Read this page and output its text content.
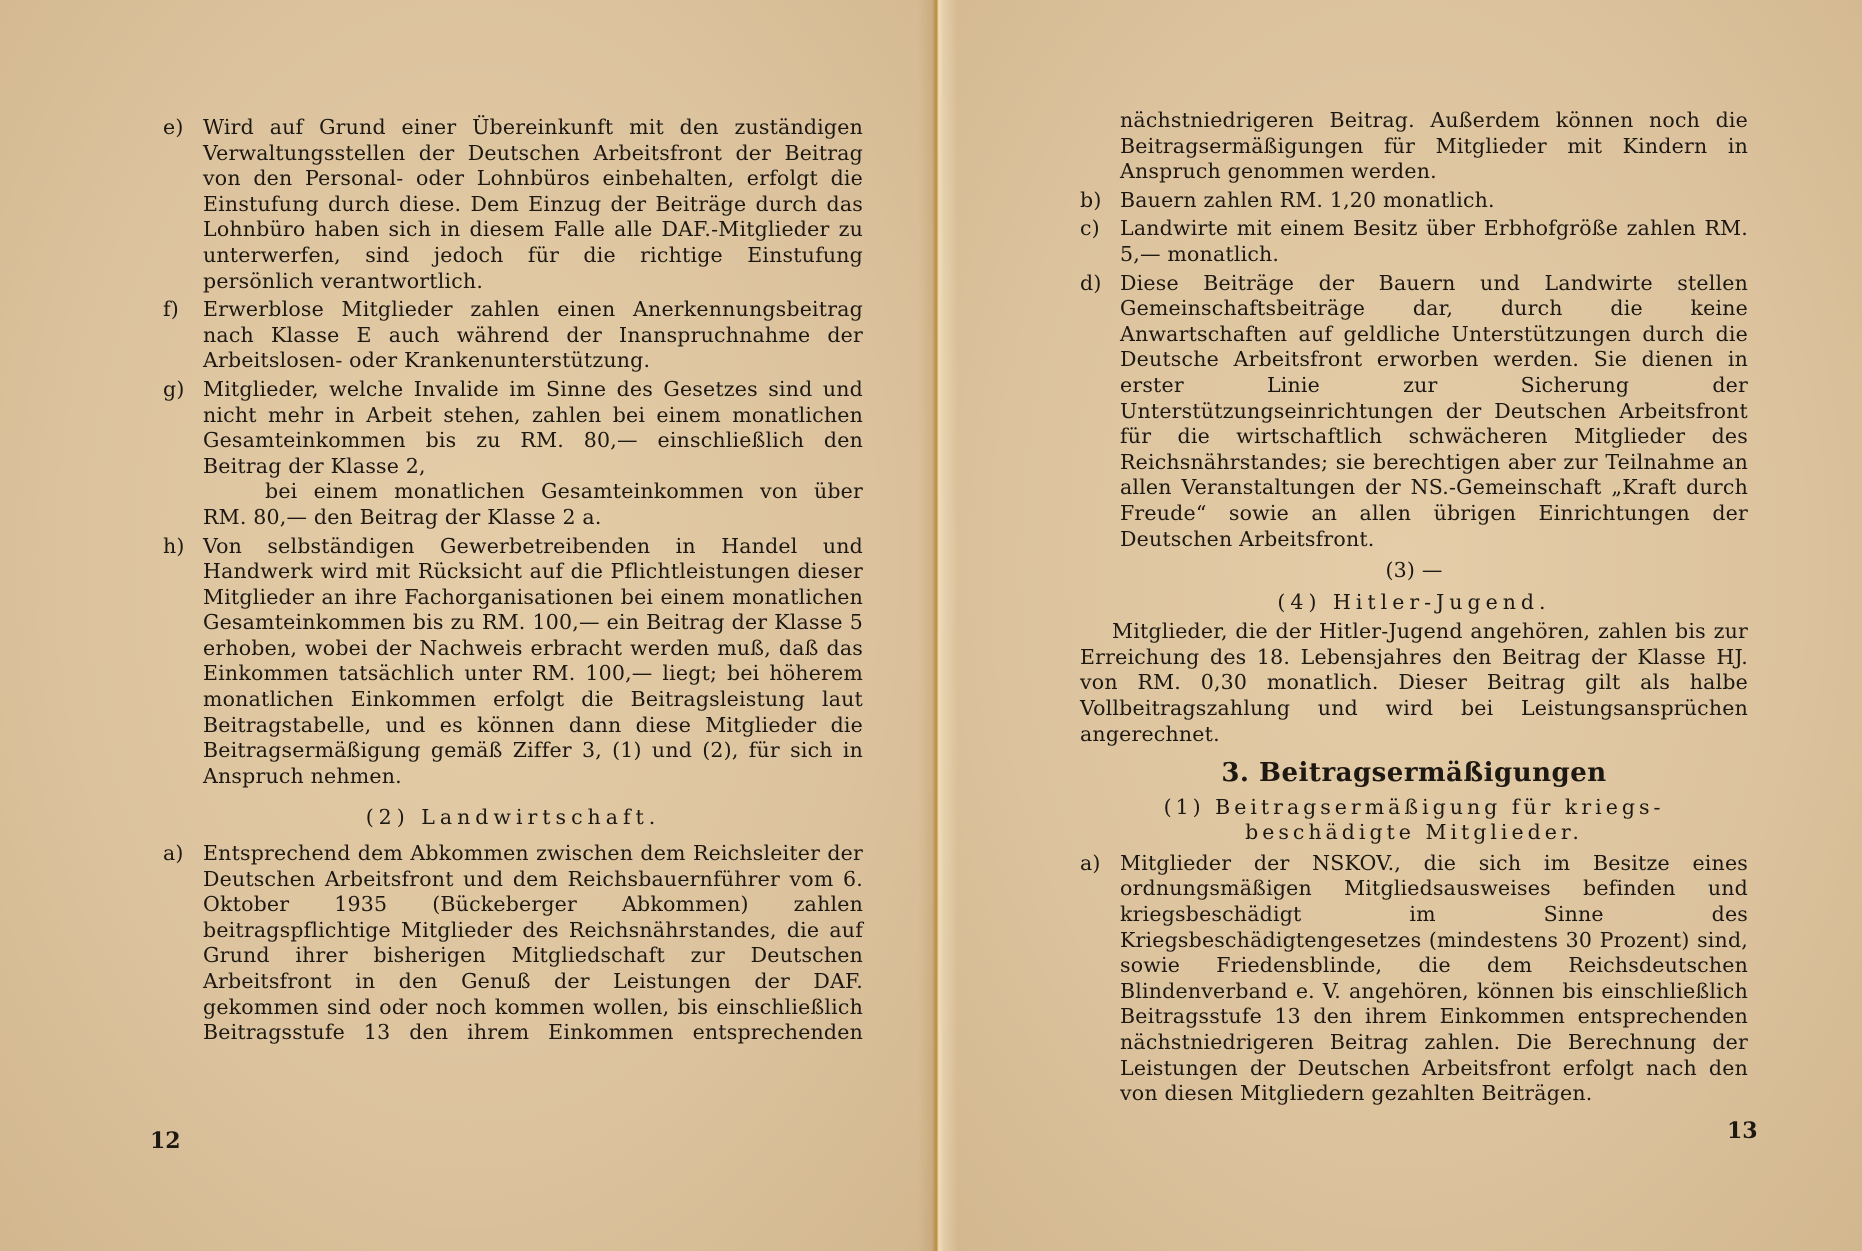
e) Wird auf Grund einer Übereinkunft mit den zuständigen Verwaltungsstellen der Deutschen Arbeitsfront der Beitrag von den Personal- oder Lohnbüros einbehalten, erfolgt die Einstufung durch diese. Dem Einzug der Beiträge durch das Lohnbüro haben sich in diesem Falle alle DAF.-Mitglieder zu unterwerfen, sind jedoch für die richtige Einstufung persönlich verantwortlich.
f)	Erwerblose Mitglieder zahlen einen Anerkennungsbeitrag nach Klasse E auch während der Inanspruchnahme der Arbeitslosen- oder Krankenunterstützung.
g) Mitglieder, welche Invalide im Sinne des Gesetzes sind und nicht mehr in Arbeit stehen, zahlen bei einem monatlichen Gesamteinkommen bis zu RM. 80,— einschließlich den Beitrag der Klasse 2,
bei einem monatlichen Gesamteinkommen von über RM. 80,— den Beitrag der Klasse 2 a.
h) Von selbständigen Gewerbetreibenden in Handel und Handwerk wird mit Rücksicht auf die Pflichtleistungen dieser Mitglieder an ihre Fachorganisationen bei einem monatlichen Gesamteinkommen bis zu RM. 100,— ein Beitrag der Klasse 5 erhoben, wobei der Nachweis erbracht werden muß, daß das Einkommen tatsächlich unter RM. 100,— liegt; bei höherem monatlichen Einkommen erfolgt die Beitragsleistung laut Beitragstabelle, und es können dann diese Mitglieder die Beitragsermäßigung gemäß Ziffer 3, (1) und (2), für sich in Anspruch nehmen.
(2) Landwirtschaft.
a) Entsprechend dem Abkommen zwischen dem Reichsleiter der Deutschen Arbeitsfront und dem Reichsbauernführer vom 6. Oktober 1935 (Bückeberger Abkommen) zahlen beitragspflichtige Mitglieder des Reichsnährstandes, die auf Grund ihrer bisherigen Mitgliedschaft zur Deutschen Arbeitsfront in den Genuß der Leistungen der DAF. gekommen sind oder noch kommen wollen, bis einschließlich Beitragsstufe 13 den ihrem Einkommen entsprechenden
12
nächstniedrigeren Beitrag. Außerdem können noch die Beitragsermäßigungen für Mitglieder mit Kindern in Anspruch genommen werden.
b) Bauern zahlen RM. 1,20 monatlich.
c) Landwirte mit einem Besitz über Erbhofgröße zahlen RM. 5,— monatlich.
d) Diese Beiträge der Bauern und Landwirte stellen Gemeinschaftsbeiträge dar, durch die keine Anwartschaften auf geldliche Unterstützungen durch die Deutsche Arbeitsfront erworben werden. Sie dienen in erster Linie zur Sicherung der Unterstützungseinrichtungen der Deutschen Arbeitsfront für die wirtschaftlich schwächeren Mitglieder des Reichsnährstandes; sie berechtigen aber zur Teilnahme an allen Veranstaltungen der NS.-Gemeinschaft „Kraft durch Freude“ sowie an allen übrigen Einrichtungen der Deutschen Arbeitsfront.
(3) —
(4) Hitler-Jugend.
Mitglieder, die der Hitler-Jugend angehören, zahlen bis zur Erreichung des 18. Lebensjahres den Beitrag der Klasse HJ. von RM. 0,30 monatlich. Dieser Beitrag gilt als halbe Vollbeitragszahlung und wird bei Leistungsansprüchen angerechnet.
3. Beitragsermäßigungen
(1) Beitragsermäßigung für kriegs-
beschädigte Mitglieder.
a) Mitglieder der NSKOV., die sich im Besitze eines ordnungsmäßigen Mitgliedsausweises befinden und kriegsbeschädigt im Sinne des Kriegsbeschädigtengesetzes (mindestens 30 Prozent) sind, sowie Friedensblinde, die dem Reichsdeutschen Blindenverband e. V. angehören, können bis einschließlich Beitragsstufe 13 den ihrem Einkommen entsprechenden nächstniedrigeren Beitrag zahlen. Die Berechnung der Leistungen der Deutschen Arbeitsfront erfolgt nach den von diesen Mitgliedern gezahlten Beiträgen.
13
